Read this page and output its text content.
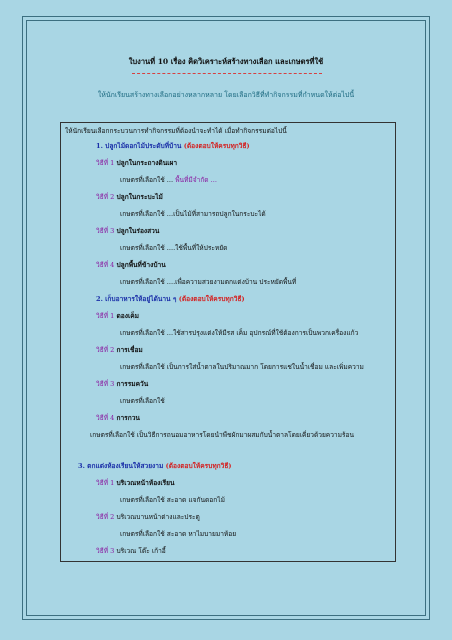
ใบงานที่ 10 เรื่อง คิดวิเคราะห์สร้างทางเลือก และเกษตรที่ใช้
ให้นักเรียนสร้างทางเลือกอย่างหลากหลาย โดยเลือกวิธีที่ทำกิจกรรมที่กำหนดให้ต่อไปนี้
ให้นักเรียนเลือกกระบวนการทำกิจกรรมที่ต้องนำจะทำได้ เมื่อทำกิจกรรมต่อไปนี้
1. ปลูกไม้ดอกไม้ประดับที่บ้าน (ต้องตอบให้ครบทุกวิธี)
วิธีที่ 1 ปลูกในกระถางดินเผา
เกษตรที่เลือกใช้ ... พื้นที่มีจำกัด ...
วิธีที่ 2 ปลูกในกระบะไม้
เกษตรที่เลือกใช้ ...เป็นไม้ที่สามารถปลูกในกระบะได้
วิธีที่ 3 ปลูกในร่องสวน
เกษตรที่เลือกใช้ ....ใช้พื้นที่ให้ประหยัด
วิธีที่ 4 ปลูกพื้นที่ข้างบ้าน
เกษตรที่เลือกใช้ ....เพื่อความสวยงามตกแต่งบ้าน ประหยัดพื้นที่
2. เก็บอาหารให้อยู่ได้นาน ๆ (ต้องตอบให้ครบทุกวิธี)
วิธีที่ 1 ดองเค็ม
เกษตรที่เลือกใช้ ...ใช้สารปรุงแต่งให้มีรส เค็ม อุปกรณ์ที่ใช้ต้องการเป็นพวกเครื่องแก้ว
วิธีที่ 2 การเชื่อม
เกษตรที่เลือกใช้ เป็นการใส่น้ำตาลในปริมาณมาก โดยการแช่ในน้ำเชื่อม และเพิ่มความ
วิธีที่ 3 การรมควัน
เกษตรที่เลือกใช้
วิธีที่ 4 การกวน
เกษตรที่เลือกใช้ เป็นวิธีการถนอมอาหารโดยนำพืชผักมาผสมกับน้ำตาลโดยเคี่ยวด้วยความร้อน
3. ตกแต่งห้องเรียนให้สวยงาม (ต้องตอบให้ครบทุกวิธี)
วิธีที่ 1 บริเวณหน้าห้องเรียน
เกษตรที่เลือกใช้ สะอาด แจกันดอกไม้
วิธีที่ 2 บริเวณบานหน้าต่างและประตู
เกษตรที่เลือกใช้ สะอาด หาไมบายมาห้อย
วิธีที่ 3 บริเวณ โต๊ะ เก้าอี้
